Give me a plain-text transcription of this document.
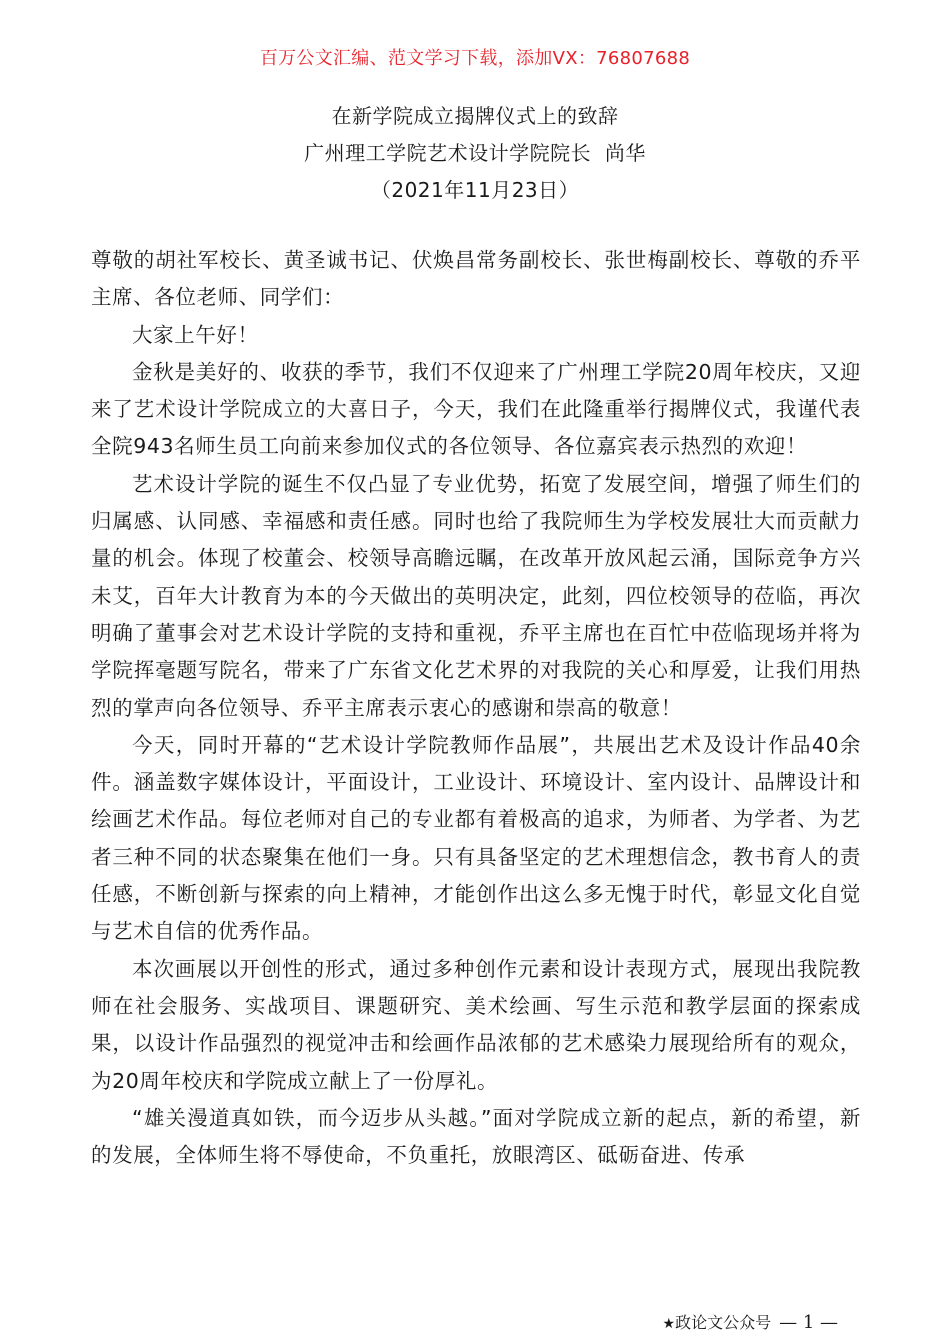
百万公文汇编、范文学习下载，添加VX：76807688
在新学院成立揭牌仪式上的致辞
广州理工学院艺术设计学院院长  尚华
（2021年11月23日）

尊敬的胡社军校长、黄圣诚书记、伏焕昌常务副校长、张世梅副校长、尊敬的乔平主席、各位老师、同学们：

大家上午好！

金秋是美好的、收获的季节，我们不仅迎来了广州理工学院20周年校庆，又迎来了艺术设计学院成立的大喜日子，今天，我们在此隆重举行揭牌仪式，我谨代表全院943名师生员工向前来参加仪式的各位领导、各位嘉宾表示热烈的欢迎！

艺术设计学院的诞生不仅凸显了专业优势，拓宽了发展空间，增强了师生们的归属感、认同感、幸福感和责任感。同时也给了我院师生为学校发展壮大而贡献力量的机会。体现了校董会、校领导高瞻远瞩，在改革开放风起云涌，国际竞争方兴未艾，百年大计教育为本的今天做出的英明决定，此刻，四位校领导的莅临，再次明确了董事会对艺术设计学院的支持和重视，乔平主席也在百忙中莅临现场并将为学院挥毫题写院名，带来了广东省文化艺术界的对我院的关心和厚爱，让我们用热烈的掌声向各位领导、乔平主席表示衷心的感谢和崇高的敬意！

今天，同时开幕的“艺术设计学院教师作品展”，共展出艺术及设计作品40余件。涵盖数字媒体设计，平面设计，工业设计、环境设计、室内设计、品牌设计和绘画艺术作品。每位老师对自己的专业都有着极高的追求，为师者、为学者、为艺者三种不同的状态聚集在他们一身。只有具备坚定的艺术理想信念，教书育人的责任感，不断创新与探索的向上精神，才能创作出这么多无愧于时代，彰显文化自觉与艺术自信的优秀作品。

本次画展以开创性的形式，通过多种创作元素和设计表现方式，展现出我院教师在社会服务、实战项目、课题研究、美术绘画、写生示范和教学层面的探索成果，以设计作品强烈的视觉冲击和绘画作品浓郁的艺术感染力展现给所有的观众，为20周年校庆和学院成立献上了一份厚礼。

“雄关漫道真如铁，而今迈步从头越。”面对学院成立新的起点，新的希望，新的发展，全体师生将不辱使命，不负重托，放眼湾区、砥砺奋进、传承

★政论文公众号 — 1 —
